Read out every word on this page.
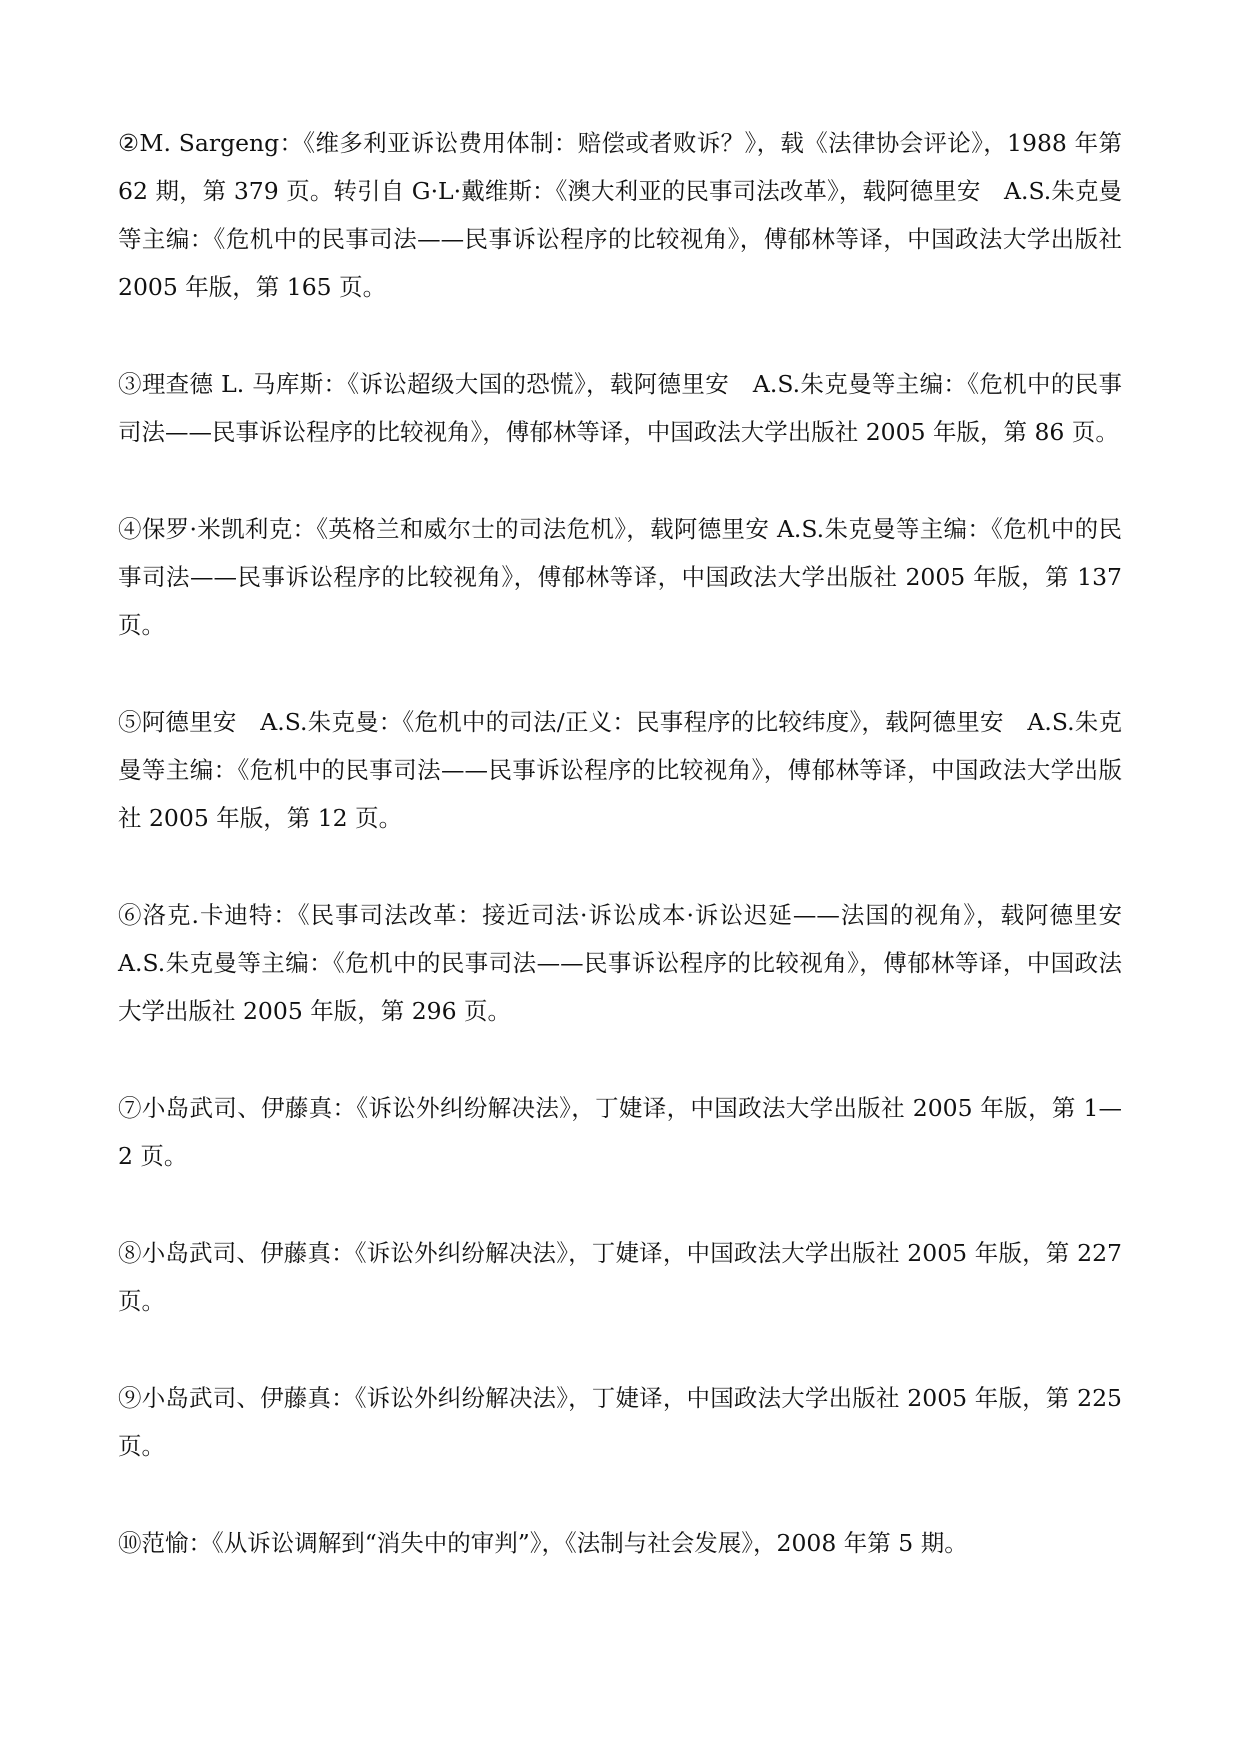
②M. Sargeng：《维多利亚诉讼费用体制：赔偿或者败诉？》，载《法律协会评论》，1988 年第 62 期，第 379 页。转引自 G·L·戴维斯：《澳大利亚的民事司法改革》，载阿德里安　A.S.朱克曼等主编：《危机中的民事司法——民事诉讼程序的比较视角》，傅郁林等译，中国政法大学出版社 2005 年版，第 165 页。

③理查德 L. 马库斯：《诉讼超级大国的恐慌》，载阿德里安　A.S.朱克曼等主编：《危机中的民事司法——民事诉讼程序的比较视角》，傅郁林等译，中国政法大学出版社 2005 年版，第 86 页。

④保罗·米凯利克：《英格兰和威尔士的司法危机》，载阿德里安 A.S.朱克曼等主编：《危机中的民事司法——民事诉讼程序的比较视角》，傅郁林等译，中国政法大学出版社 2005 年版，第 137 页。

⑤阿德里安　A.S.朱克曼：《危机中的司法/正义：民事程序的比较纬度》，载阿德里安　A.S.朱克曼等主编：《危机中的民事司法——民事诉讼程序的比较视角》，傅郁林等译，中国政法大学出版社 2005 年版，第 12 页。

⑥洛克.卡迪特：《民事司法改革：接近司法·诉讼成本·诉讼迟延——法国的视角》，载阿德里安　A.S.朱克曼等主编：《危机中的民事司法——民事诉讼程序的比较视角》，傅郁林等译，中国政法大学出版社 2005 年版，第 296 页。

⑦小岛武司、伊藤真：《诉讼外纠纷解决法》，丁婕译，中国政法大学出版社 2005 年版，第 1—2 页。

⑧小岛武司、伊藤真：《诉讼外纠纷解决法》，丁婕译，中国政法大学出版社 2005 年版，第 227 页。

⑨小岛武司、伊藤真：《诉讼外纠纷解决法》，丁婕译，中国政法大学出版社 2005 年版，第 225 页。

⑩范愉：《从诉讼调解到“消失中的审判”》，《法制与社会发展》，2008 年第 5 期。
